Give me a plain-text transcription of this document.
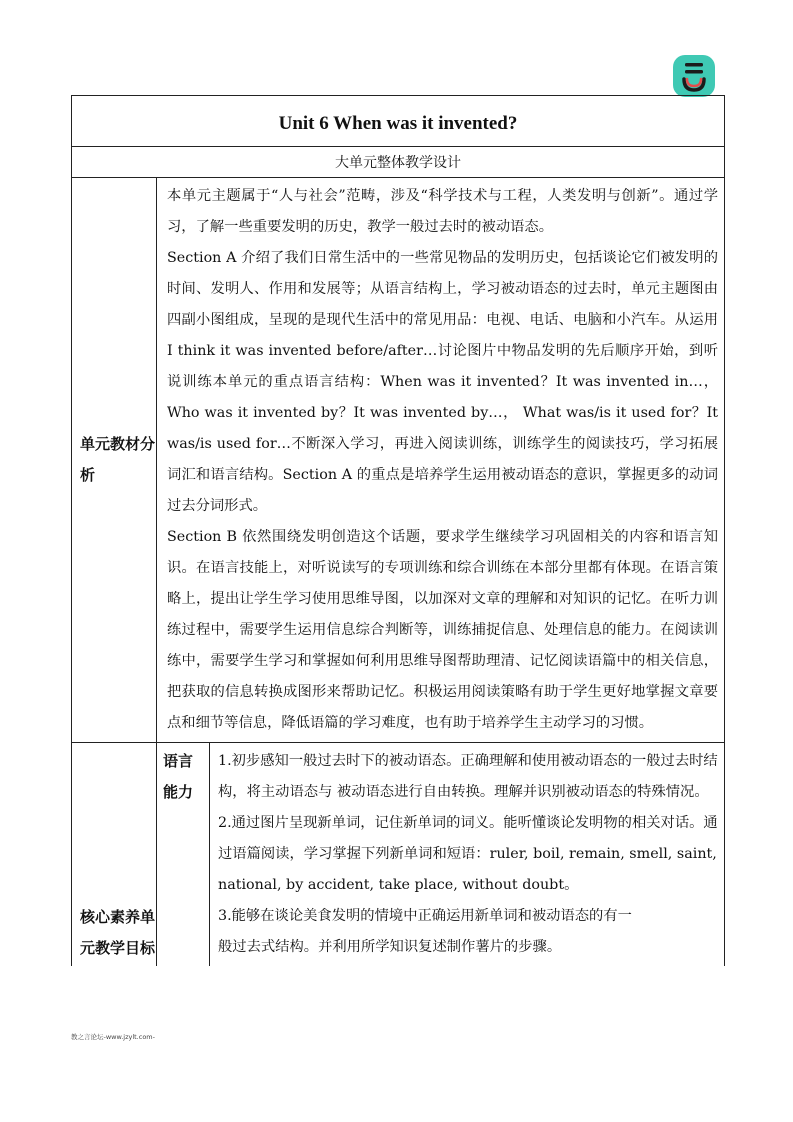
Unit 6 When was it invented?		
大单元整体教学设计		
单元教材分析	本单元主题属于“人与社会”范畴，涉及“科学技术与工程，人类发明与创新”。通过学习，了解一些重要发明的历史，教学一般过去时的被动语态。

Section A 介绍了我们日常生活中的一些常见物品的发明历史，包括谈论它们被发明的时间、发明人、作用和发展等；从语言结构上，学习被动语态的过去时，单元主题图由四副小图组成，呈现的是现代生活中的常见用品：电视、电话、电脑和小汽车。从运用 I think it was invented before/after…讨论图片中物品发明的先后顺序开始，到听说训练本单元的重点语言结构：When was it invented？It was invented in…， Who was it invented by？It was invented by…， What was/is it used for？It was/is used for…不断深入学习，再进入阅读训练，训练学生的阅读技巧，学习拓展词汇和语言结构。Section A 的重点是培养学生运用被动语态的意识，掌握更多的动词过去分词形式。

Section B 依然围绕发明创造这个话题，要求学生继续学习巩固相关的内容和语言知识。在语言技能上，对听说读写的专项训练和综合训练在本部分里都有体现。在语言策略上，提出让学生学习使用思维导图，以加深对文章的理解和对知识的记忆。在听力训练过程中，需要学生运用信息综合判断等，训练捕捉信息、处理信息的能力。在阅读训练中，需要学生学习和掌握如何利用思维导图帮助理清、记忆阅读语篇中的相关信息，把获取的信息转换成图形来帮助记忆。积极运用阅读策略有助于学生更好地掌握文章要点和细节等信息，降低语篇的学习难度，也有助于培养学生主动学习的习惯。	

核心素养单元教学目标	语言能力	1.初步感知一般过去时下的被动语态。正确理解和使用被动语态的一般过去时结构，将主动语态与 被动语态进行自由转换。理解并识别被动语态的特殊情况。

2.通过图片呈现新单词，记住新单词的词义。能听懂谈论发明物的相关对话。通过语篇阅读，学习掌握下列新单词和短语：ruler, boil, remain, smell, saint, national, by accident, take place, without doubt。

3.能够在谈论美食发明的情境中正确运用新单词和被动语态的有一

般过去式结构。并利用所学知识复述制作薯片的步骤。

教之言论坛-www.jzylt.com-
